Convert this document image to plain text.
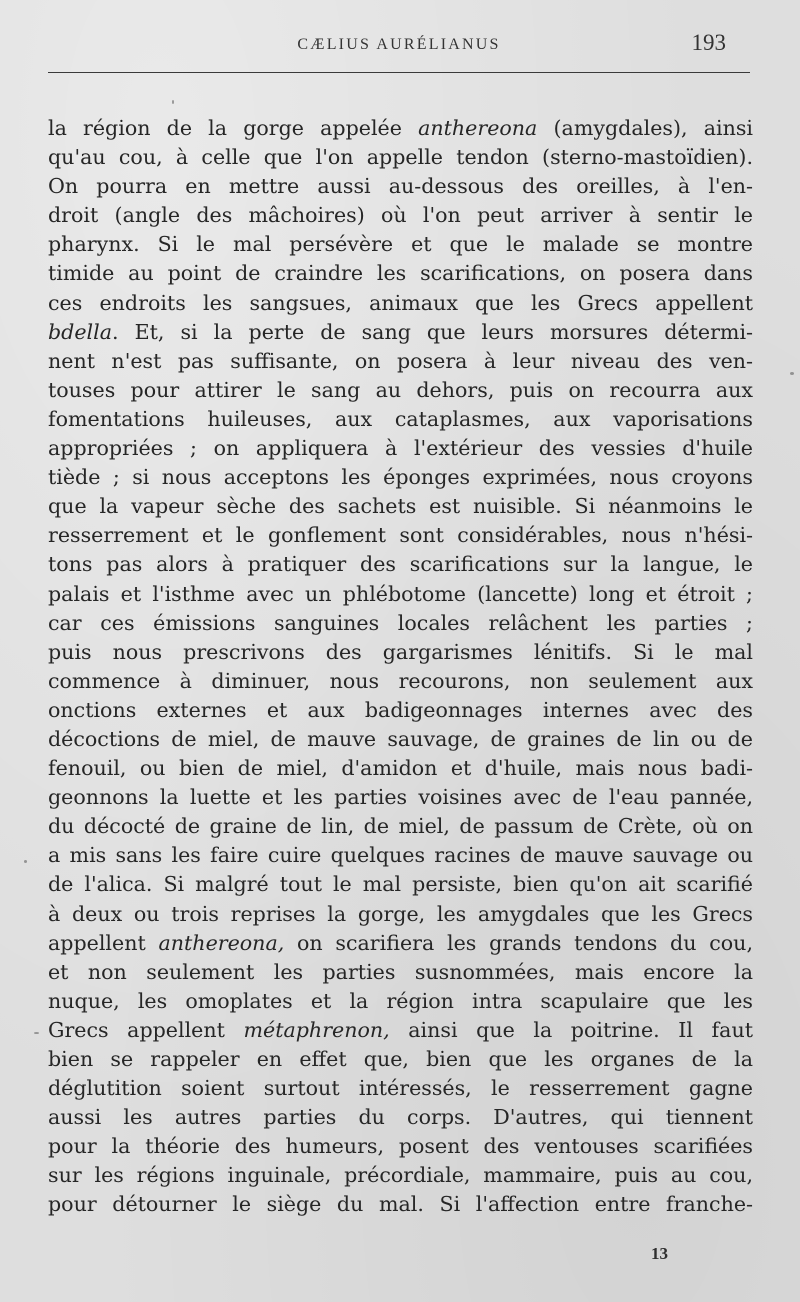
CÆLIUS AURÉLIANUS	193
la région de la gorge appelée anthereona (amygdales), ainsi
qu'au cou, à celle que l'on appelle tendon (sterno-mastoïdien).
On pourra en mettre aussi au-dessous des oreilles, à l'en-
droit (angle des mâchoires) où l'on peut arriver à sentir le
pharynx. Si le mal persévère et que le malade se montre
timide au point de craindre les scarifications, on posera dans
ces endroits les sangsues, animaux que les Grecs appellent
bdella. Et, si la perte de sang que leurs morsures détermi-
nent n'est pas suffisante, on posera à leur niveau des ven-
touses pour attirer le sang au dehors, puis on recourra aux
fomentations huileuses, aux cataplasmes, aux vaporisations
appropriées ; on appliquera à l'extérieur des vessies d'huile
tiède ; si nous acceptons les éponges exprimées, nous croyons
que la vapeur sèche des sachets est nuisible. Si néanmoins le
resserrement et le gonflement sont considérables, nous n'hési-
tons pas alors à pratiquer des scarifications sur la langue, le
palais et l'isthme avec un phlébotome (lancette) long et étroit ;
car ces émissions sanguines locales relâchent les parties ;
puis nous prescrivons des gargarismes lénitifs. Si le mal
commence à diminuer, nous recourons, non seulement aux
onctions externes et aux badigeonnages internes avec des
décoctions de miel, de mauve sauvage, de graines de lin ou de
fenouil, ou bien de miel, d'amidon et d'huile, mais nous badi-
geonnons la luette et les parties voisines avec de l'eau pannée,
du décocté de graine de lin, de miel, de passum de Crète, où on
a mis sans les faire cuire quelques racines de mauve sauvage ou
de l'alica. Si malgré tout le mal persiste, bien qu'on ait scarifié
à deux ou trois reprises la gorge, les amygdales que les Grecs
appellent anthereona, on scarifiera les grands tendons du cou,
et non seulement les parties susnommées, mais encore la
nuque, les omoplates et la région intra scapulaire que les
Grecs appellent métaphrenon, ainsi que la poitrine. Il faut
bien se rappeler en effet que, bien que les organes de la
déglutition soient surtout intéressés, le resserrement gagne
aussi les autres parties du corps. D'autres, qui tiennent
pour la théorie des humeurs, posent des ventouses scarifiées
sur les régions inguinale, précordiale, mammaire, puis au cou,
pour détourner le siège du mal. Si l'affection entre franche-
13
